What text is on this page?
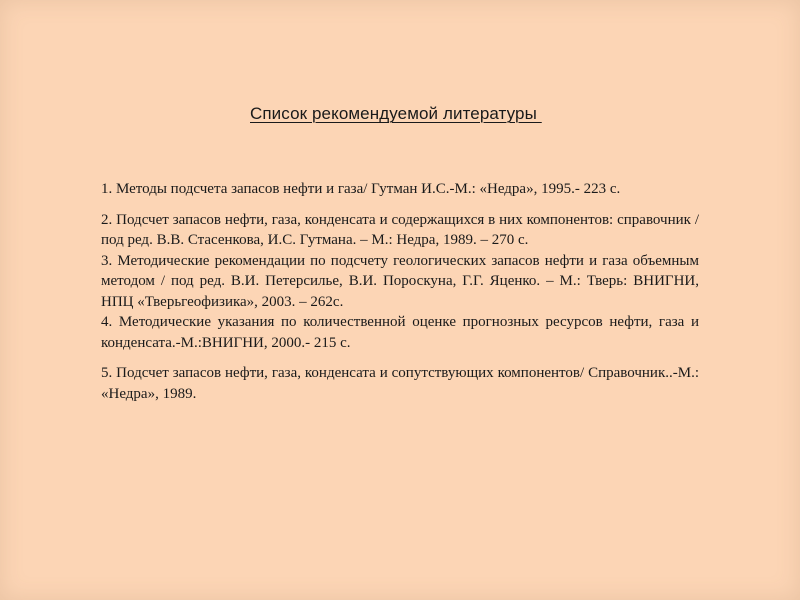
Список рекомендуемой литературы
1. Методы подсчета запасов нефти и газа/ Гутман И.С.-М.: «Недра», 1995.- 223 с.
2. Подсчет запасов нефти, газа, конденсата и содержащихся в них компонентов: справочник / под ред. В.В. Стасенкова, И.С. Гутмана. – М.: Недра, 1989. – 270 с.
3. Методические рекомендации по подсчету геологических запасов нефти и газа объемным методом / под ред. В.И. Петерсилье, В.И. Пороскуна, Г.Г. Яценко. – М.: Тверь: ВНИГНИ, НПЦ «Тверьгеофизика», 2003. – 262с.
4. Методические указания по количественной оценке прогнозных ресурсов нефти, газа и конденсата.-М.:ВНИГНИ, 2000.- 215 с.
5. Подсчет запасов нефти, газа, конденсата и сопутствующих компонентов/ Справочник..-М.: «Недра», 1989.
